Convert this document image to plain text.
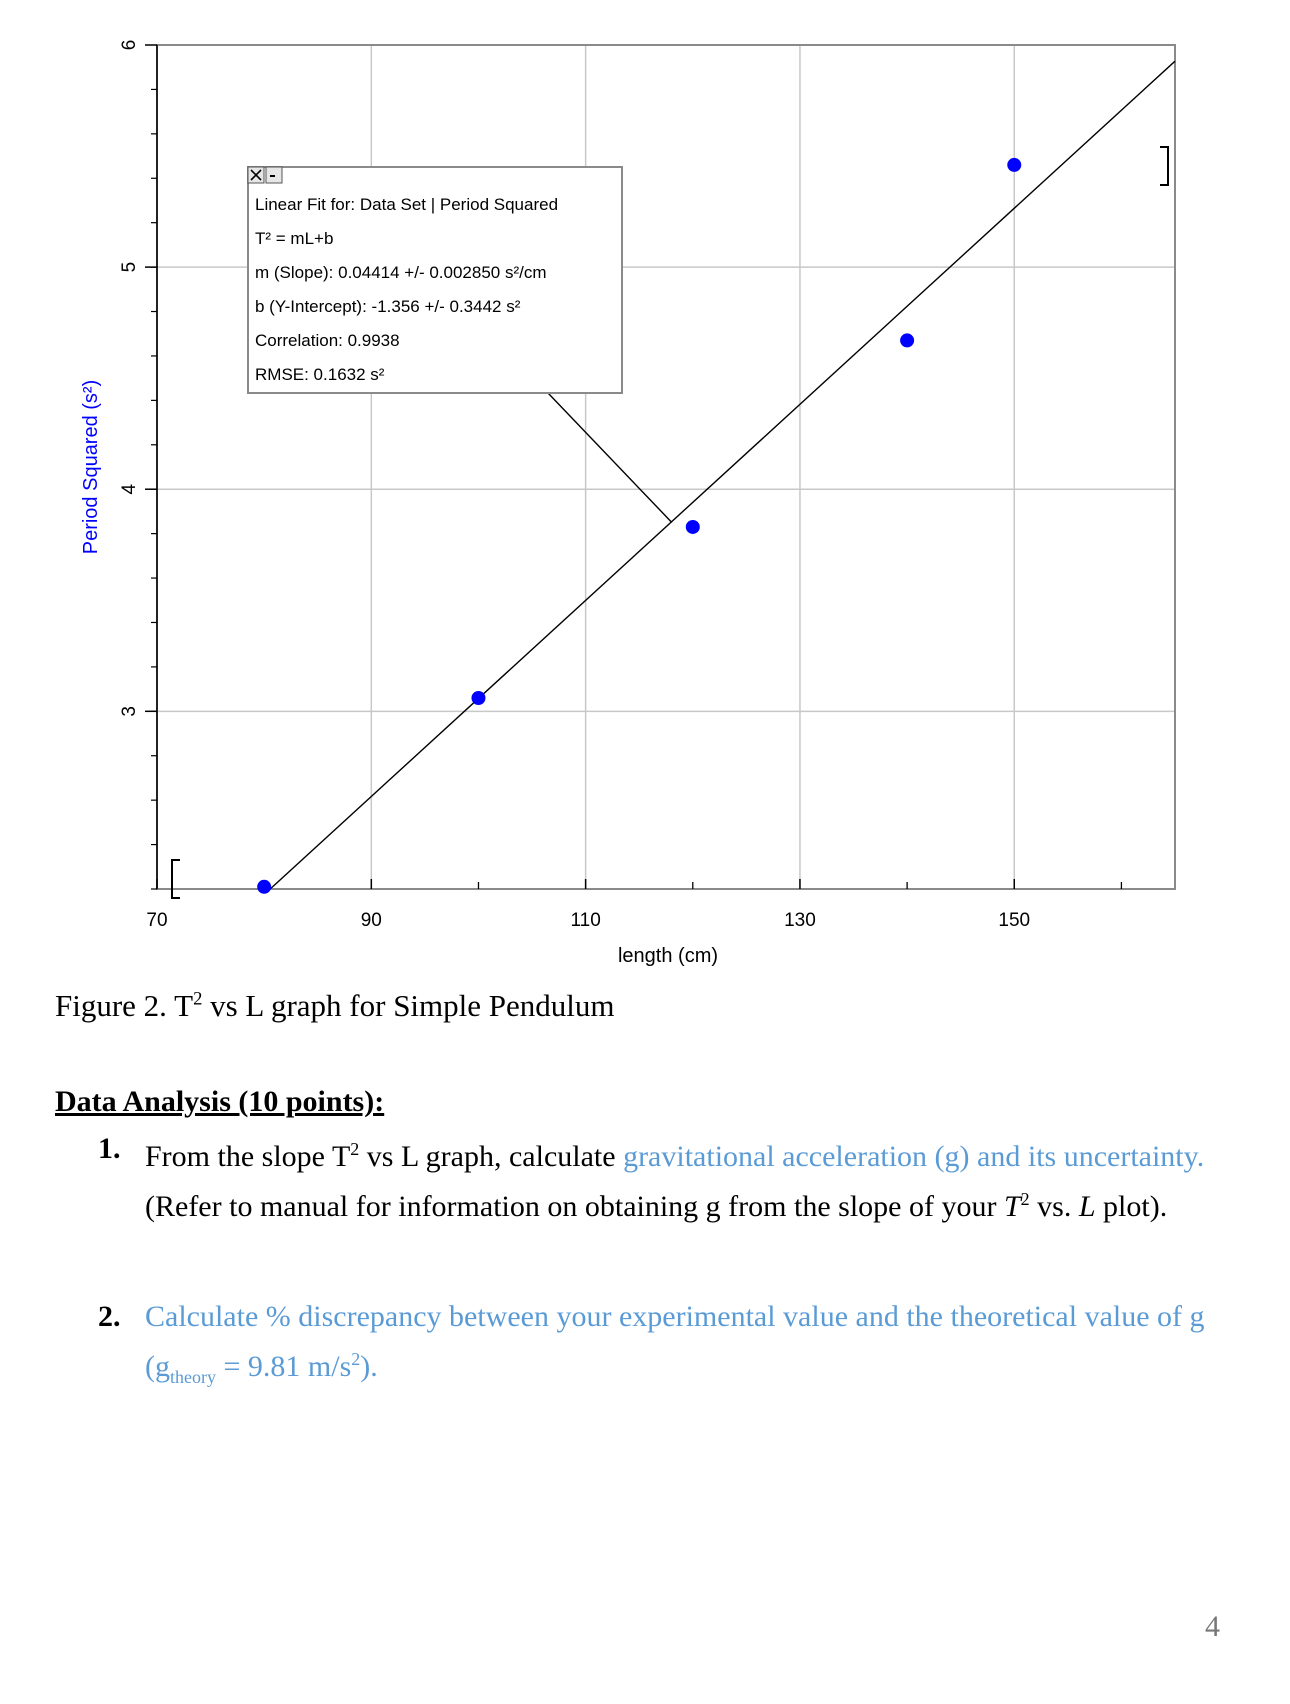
70	90	110	130	150
3
4
5
6
Linear Fit for: Data Set | Period Squared
T² = mL+b
m (Slope): 0.04414 +/- 0.002850 s²/cm
b (Y-Intercept): -1.356 +/- 0.3442 s²
Correlation: 0.9938
RMSE: 0.1632 s²
length (cm)
Period Squared (s²)
Figure 2. $T^2$ vs L graph for Simple Pendulum
Data Analysis (10 points):
1. From the slope $T^2$ vs L graph, calculate gravitational acceleration (g) and its uncertainty.
(Refer to manual for information on obtaining g from the slope of your $T^2$ vs. L plot).
2. Calculate % discrepancy between your experimental value and the theoretical value of g
($g_{theory} = 9.81$ $m/s^2$).
4
